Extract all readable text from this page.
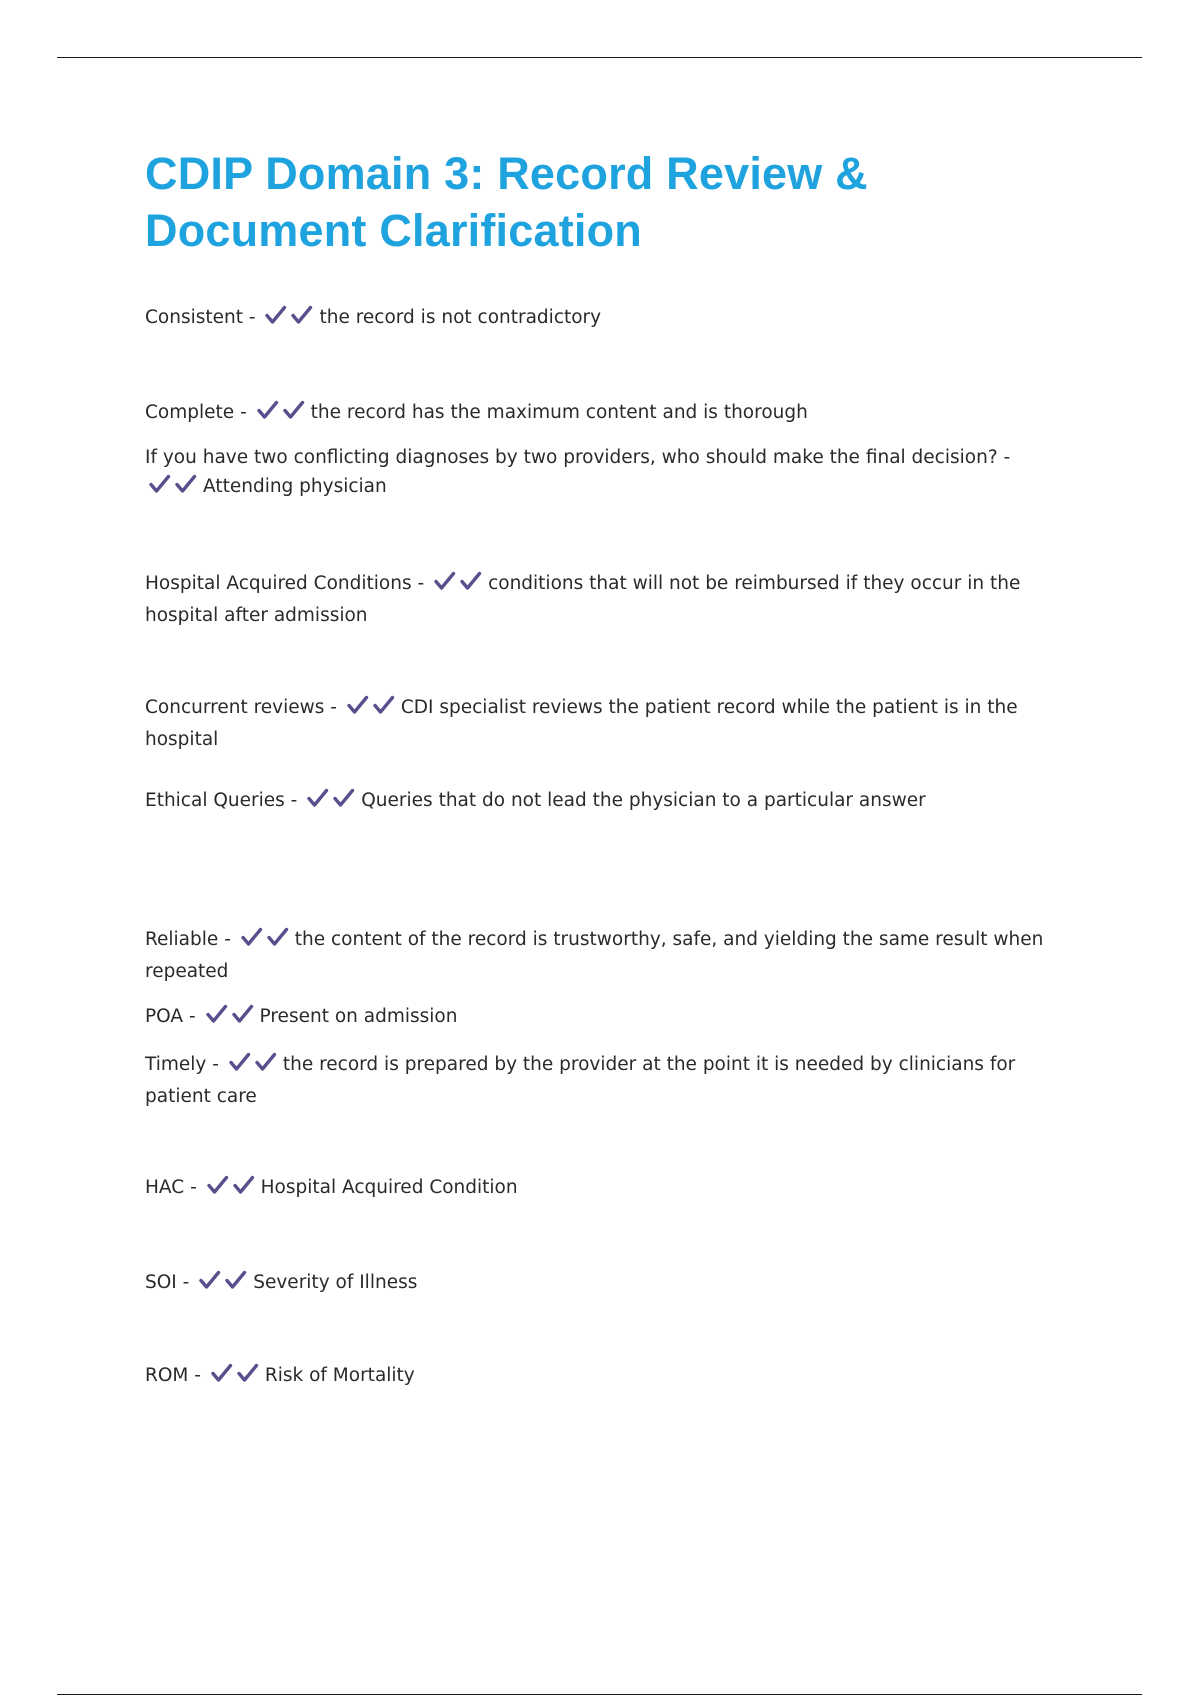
CDIP Domain 3: Record Review & Document Clarification
Consistent -	the record is not contradictory
Complete -	the record has the maximum content and is thorough
If you have two conflicting diagnoses by two providers, who should make the final decision? -

Attending physician
Hospital Acquired Conditions -	conditions that will not be reimbursed if they occur in the hospital after admission
Concurrent reviews -	CDI specialist reviews the patient record while the patient is in the hospital
Ethical Queries -	Queries that do not lead the physician to a particular answer
Reliable -	the content of the record is trustworthy, safe, and yielding the same result when repeated
POA -	Present on admission
Timely -	the record is prepared by the provider at the point it is needed by clinicians for patient care
HAC -	Hospital Acquired Condition
SOI -	Severity of Illness
ROM -	Risk of Mortality
